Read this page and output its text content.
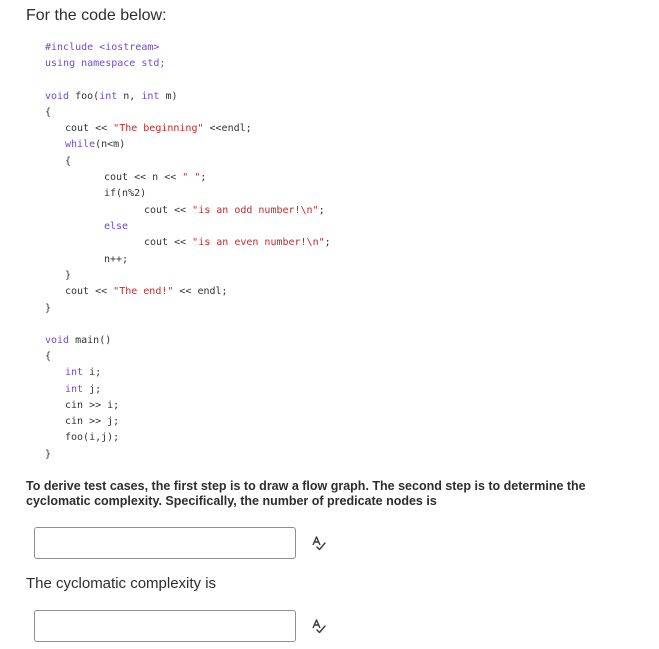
For the code below:
#include <iostream>
using namespace std;
void foo(int n, int m)
{
cout << "The beginning" <<endl;
while(n<m)
{
cout << n << " ";
if(n%2)
cout << "is an odd number!\n";
else
cout << "is an even number!\n";
n++;
}
cout << "The end!" << endl;
}
void main()
{
int i;
int j;
cin >> i;
cin >> j;
foo(i,j);
}
To derive test cases, the first step is to draw a flow graph. The second step is to determine the cyclomatic complexity. Specifically, the number of predicate nodes is
The cyclomatic complexity is
